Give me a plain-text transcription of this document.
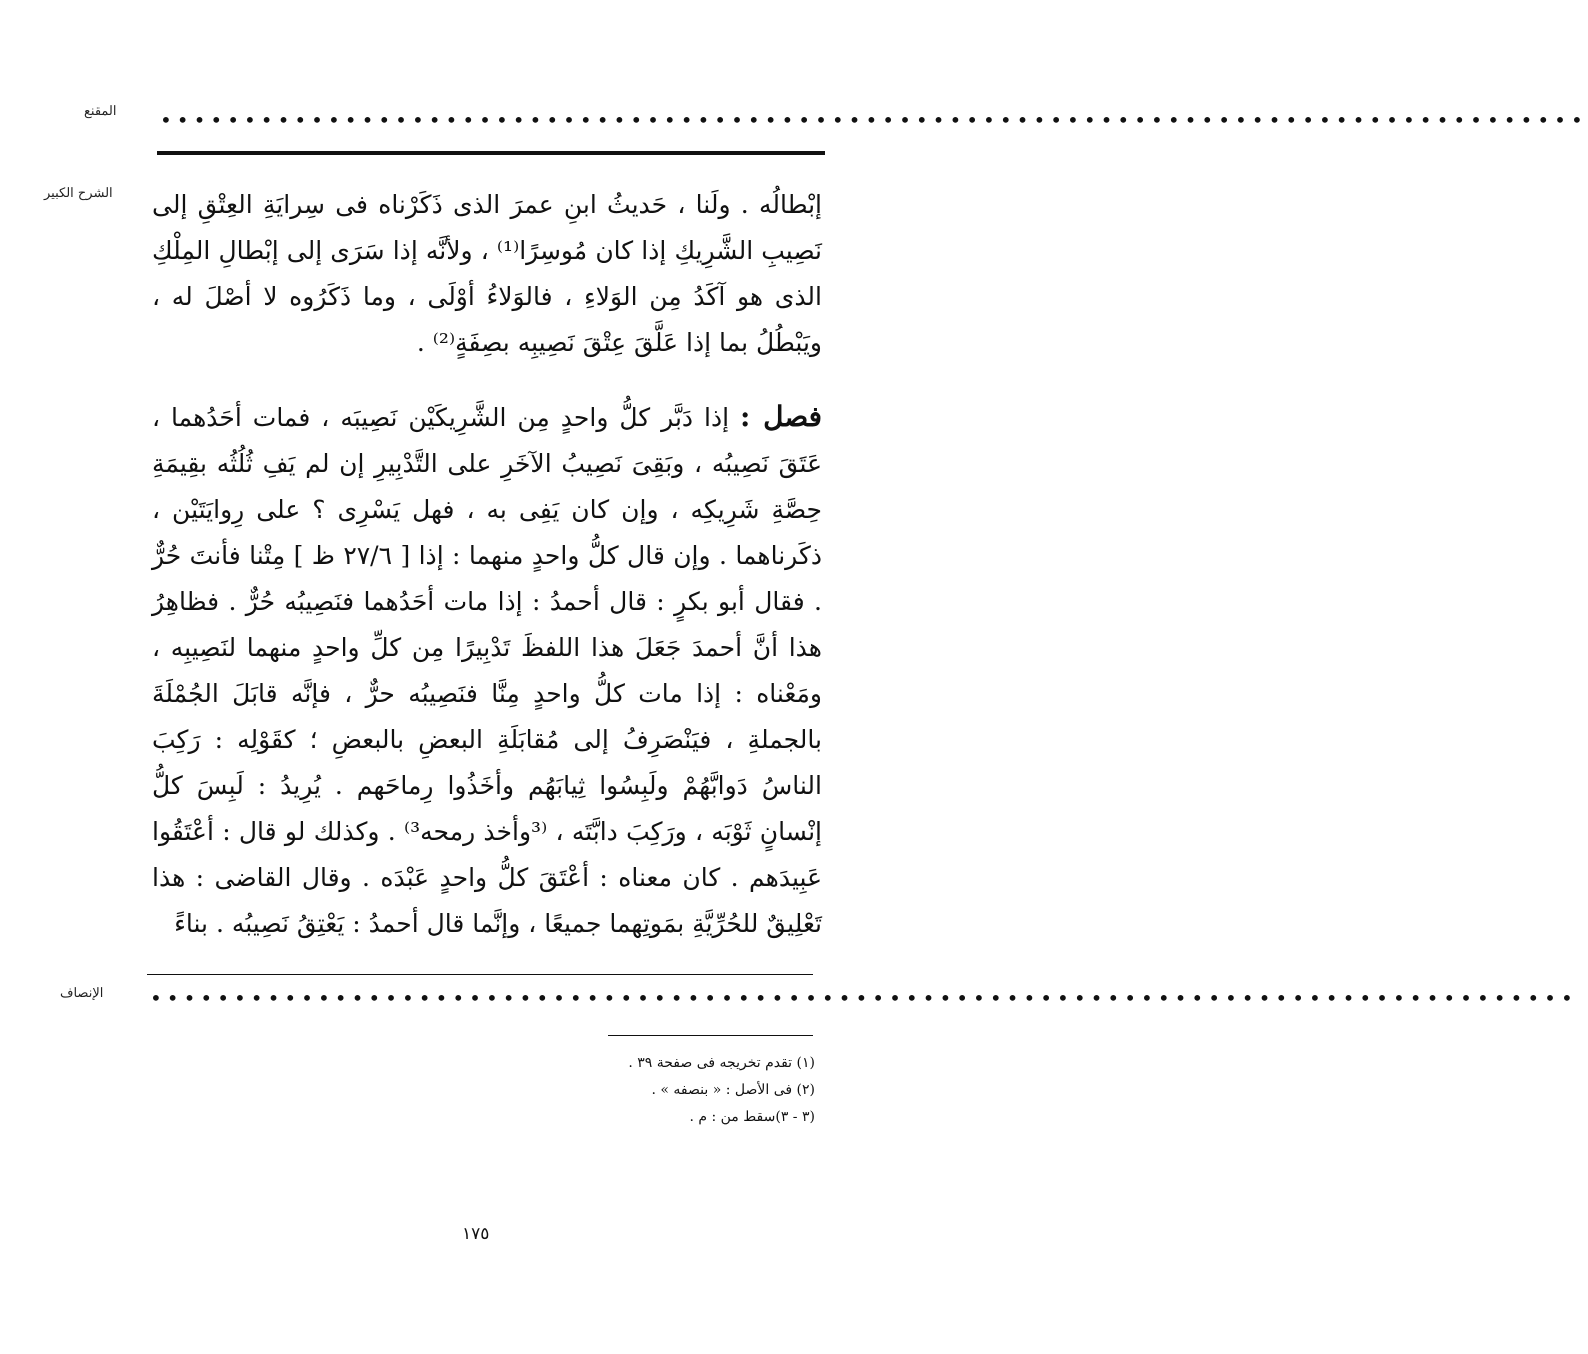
المقنع •••••••••••••••••••••••••••••••••••••••••••••••••••••••••••••••••••••••••••••••••••••
الشرح الكبير إبْطالُه . ولَنا ، حَديثُ ابنِ عمرَ الذى ذَكَرْناه فى سِرايَةِ العِتْقِ إلى نَصِيبِ الشَّرِيكِ إذا كان مُوسِرًا⁽¹⁾ ، ولأنَّه إذا سَرَى إلى إبْطالِ المِلْكِ الذى هو آكَدُ مِن الوَلاءِ ، فالوَلاءُ أوْلَى ، وما ذَكَرُوه لا أصْلَ له ، ويَبْطُلُ بما إذا عَلَّقَ عِتْقَ نَصِيبِه بصِفَةٍ⁽²⁾ .

فصل : إذا دَبَّر كلُّ واحدٍ مِن الشَّرِيكَيْن نَصِيبَه ، فمات أحَدُهما ، عَتَقَ نَصِيبُه ، وبَقِىَ نَصِيبُ الآخَرِ على التَّدْبِيرِ إن لم يَفِ ثُلُثُه بقِيمَةِ حِصَّةِ شَرِيكِه ، وإن كان يَفِى به ، فهل يَسْرِى ؟ على رِوايَتَيْن ، ذكَرناهما . وإن قال كلُّ واحدٍ منهما : إذا [ ٢٧/٦ ظ ] مِتْنا فأنتَ حُرٌّ . فقال أبو بكرٍ : قال أحمدُ : إذا مات أحَدُهما فنَصِيبُه حُرٌّ . فظاهِرُ هذا أنَّ أحمدَ جَعَلَ هذا اللفظَ تَدْبِيرًا مِن كلِّ واحدٍ منهما لنَصِيبِه ، ومَعْناه : إذا مات كلُّ واحدٍ مِنَّا فنَصِيبُه حرٌّ ، فإنَّه قابَلَ الجُمْلَةَ بالجملةِ ، فيَنْصَرِفُ إلى مُقابَلَةِ البعضِ بالبعضِ ؛ كقَوْلِه : رَكِبَ الناسُ دَوابَّهُمْ ولَبِسُوا ثِيابَهُم وأخَذُوا رِماحَهم . يُرِيدُ : لَبِسَ كلُّ إنْسانٍ ثَوْبَه ، ورَكِبَ دابَّتَه ، ⁽³وأخذ رمحه³⁾ . وكذلك لو قال : أعْتَقُوا عَبِيدَهم . كان معناه : أعْتَقَ كلُّ واحدٍ عَبْدَه . وقال القاضى : هذا تَعْلِيقٌ للحُرِّيَّةِ بمَوتِهما جميعًا ، وإنَّما قال أحمدُ : يَعْتِقُ نَصِيبُه . بناءً

الإنصاف •••••••••••••••••••••••••••••••••••••••••••••••••••••••••••••••••••••••••••••••••••••

(١) تقدم تخريجه فى صفحة ٣٩ .

(٢) فى الأصل : « بنصفه » .

(٣ - ٣)سقط من : م .

١٧٥
